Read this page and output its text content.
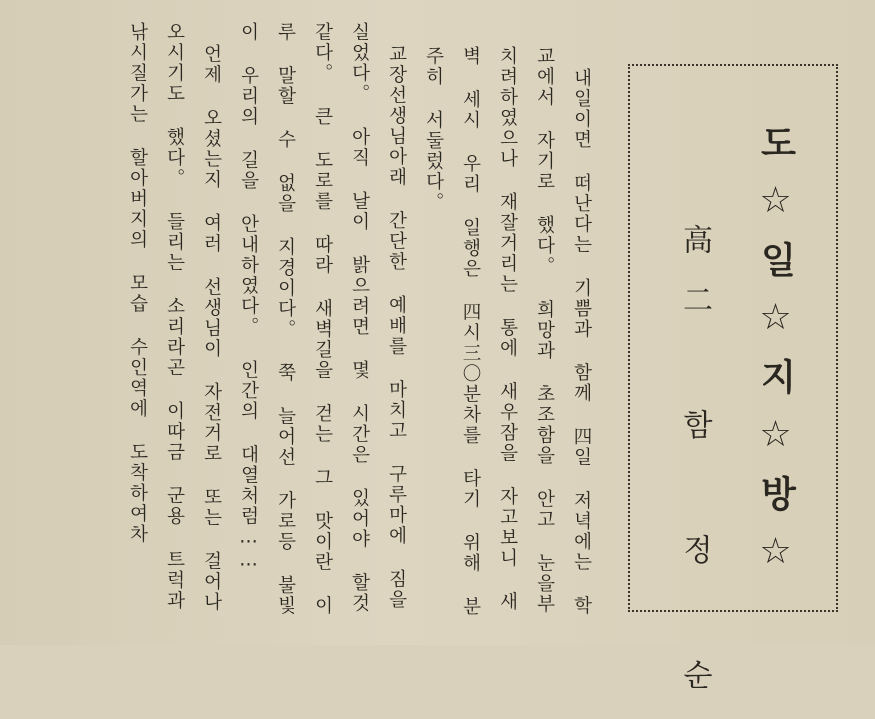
도☆일☆지☆방☆
高二 함 정 순

내일이면 떠난다는 기쁨과 함께 四일 저녁에는 학교에서 자기로 했다。 희망과 초조함을 안고 눈을부치려하였으나 재잘거리는 통에 새우잠을 자고보니 새벽 세시 우리 일행은 四시三〇분차를 타기 위해 분주히 서둘렀다。

교장선생님아래 간단한 예배를 마치고 구루마에 짐을 실었다。 아직 날이 밝으려면 몇 시간은 있어야 할것 같다。 큰 도로를 따라 새벽길을 걷는 그 맛이란 이루 말할 수 없을 지경이다。 쭉 늘어선 가로등 불빛이 우리의 길을 안내하였다。 인간의 대열처럼……

언제 오셨는지 여러 선생님이 자전거로 또는 걸어나오시기도 했다。 들리는 소리라곤 이따금 군용 트럭과 낚시질가는 할아버지의 모습 수인역에 도착하여차
